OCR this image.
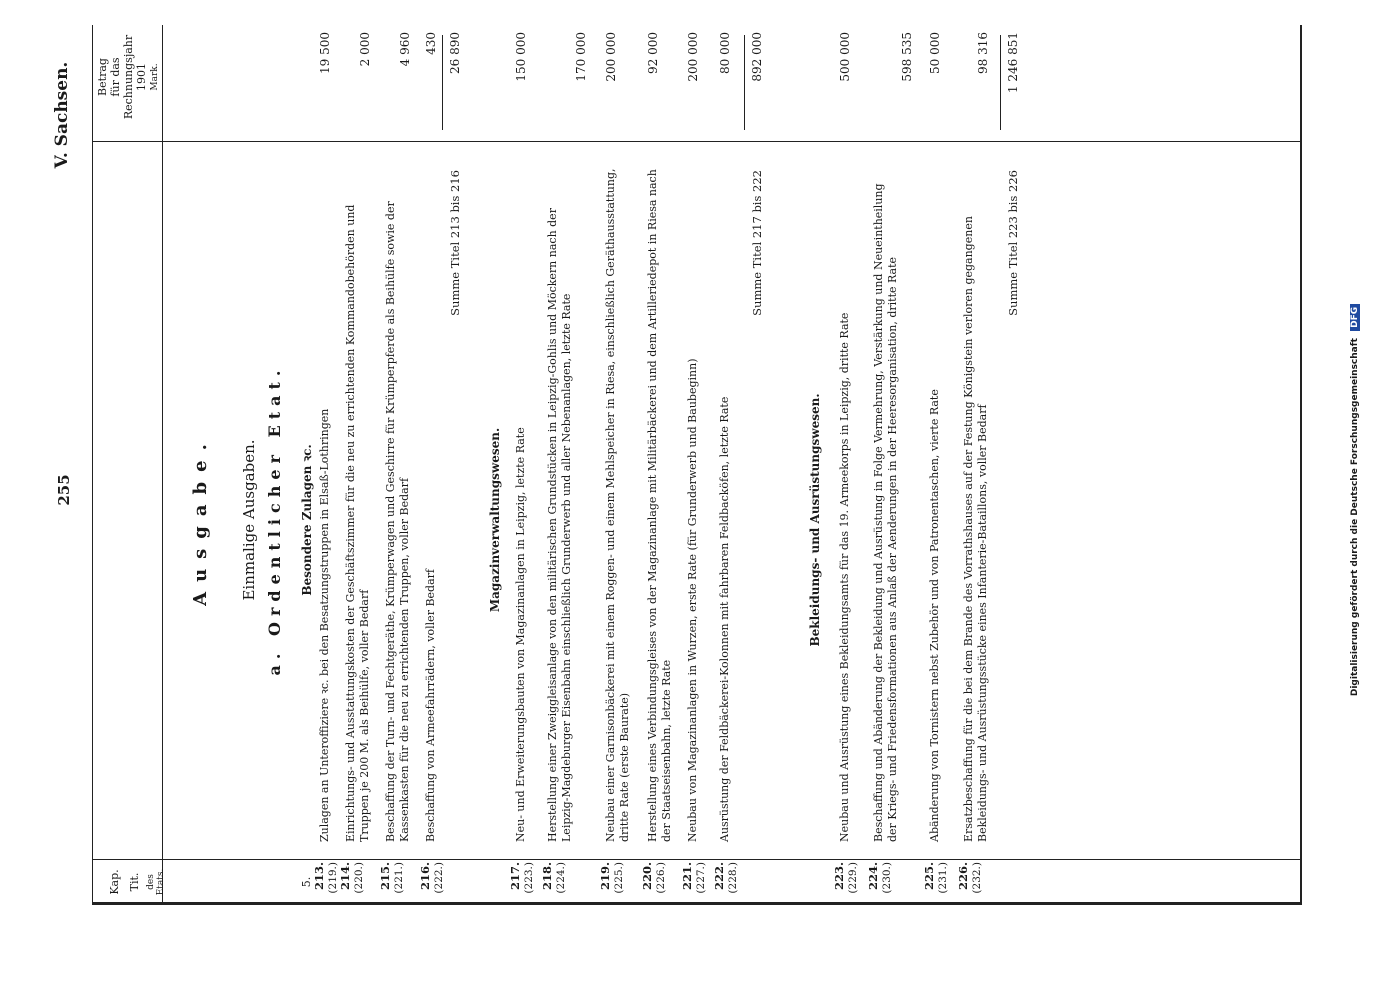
255
V. Sachsen.
Kap. Tit. des Etats.
Betrag für das Rechnungsjahr 1901 Mark.
Ausgabe.
5.
Einmalige Ausgaben. a. Ordentlicher Etat. Besondere Zulagen ꝛc.
213. (219.)
Zulagen an Unteroffiziere ꝛc. bei den Besatzungstruppen in Elsaß-Lothringen
19 500
214. (220.)
Einrichtungs- und Ausstattungskosten der Geschäftszimmer für die neu zu errichtenden Kommandobehörden und Truppen je 200 M. als Beihülfe, voller Bedarf
2 000
215. (221.)
Beschaffung der Turn- und Fechtgeräthe, Krümperwagen und Geschirre für Krümperpferde als Beihülfe sowie der Kassenkasten für die neu zu errichtenden Truppen, voller Bedarf
4 960
216. (222.)
Beschaffung von Armeefahrrädern, voller Bedarf
430
Summe Titel 213 bis 216
26 890
Magazinverwaltungswesen.
217. (223.)
Neu- und Erweiterungsbauten von Magazinanlagen in Leipzig, letzte Rate
150 000
218. (224.)
Herstellung einer Zweiggleisanlage von den militärischen Grundstücken in Leipzig-Gohlis und Möckern nach der Leipzig-Magdeburger Eisenbahn einschließlich Grunderwerb und aller Nebenanlagen, letzte Rate
170 000
219. (225.)
Neubau einer Garnisonbäckerei mit einem Roggen- und einem Mehlspeicher in Riesa, einschließlich Geräthausstattung, dritte Rate (erste Baurate)
200 000
220. (226.)
Herstellung eines Verbindungsgleises von der Magazinanlage mit Militärbäckerei und dem Artilleriedepot in Riesa nach der Staatseisenbahn, letzte Rate
92 000
221. (227.)
Neubau von Magazinanlagen in Wurzen, erste Rate (für Grunderwerb und Baubeginn)
200 000
222. (228.)
Ausrüstung der Feldbäckerei-Kolonnen mit fahrbaren Feldbacköfen, letzte Rate
80 000
Summe Titel 217 bis 222
892 000
Bekleidungs- und Ausrüstungswesen.
223. (229.)
Neubau und Ausrüstung eines Bekleidungsamts für das 19. Armeekorps in Leipzig, dritte Rate
500 000
224. (230.)
Beschaffung und Abänderung der Bekleidung und Ausrüstung in Folge Vermehrung, Verstärkung und Neueintheilung der Kriegs- und Friedensformationen aus Anlaß der Aenderungen in der Heeresorganisation, dritte Rate
598 535
225. (231.)
Abänderung von Tornistern nebst Zubehör und von Patronentaschen, vierte Rate
50 000
226. (232.)
Ersatzbeschaffung für die bei dem Brande des Vorrathshauses auf der Festung Königstein verloren gegangenen Bekleidungs- und Ausrüstungsstücke eines Infanterie-Bataillons, voller Bedarf
98 316
Summe Titel 223 bis 226
1 246 851
Digitalisierung gefördert durch die Deutsche Forschungsgemeinschaft DFG
